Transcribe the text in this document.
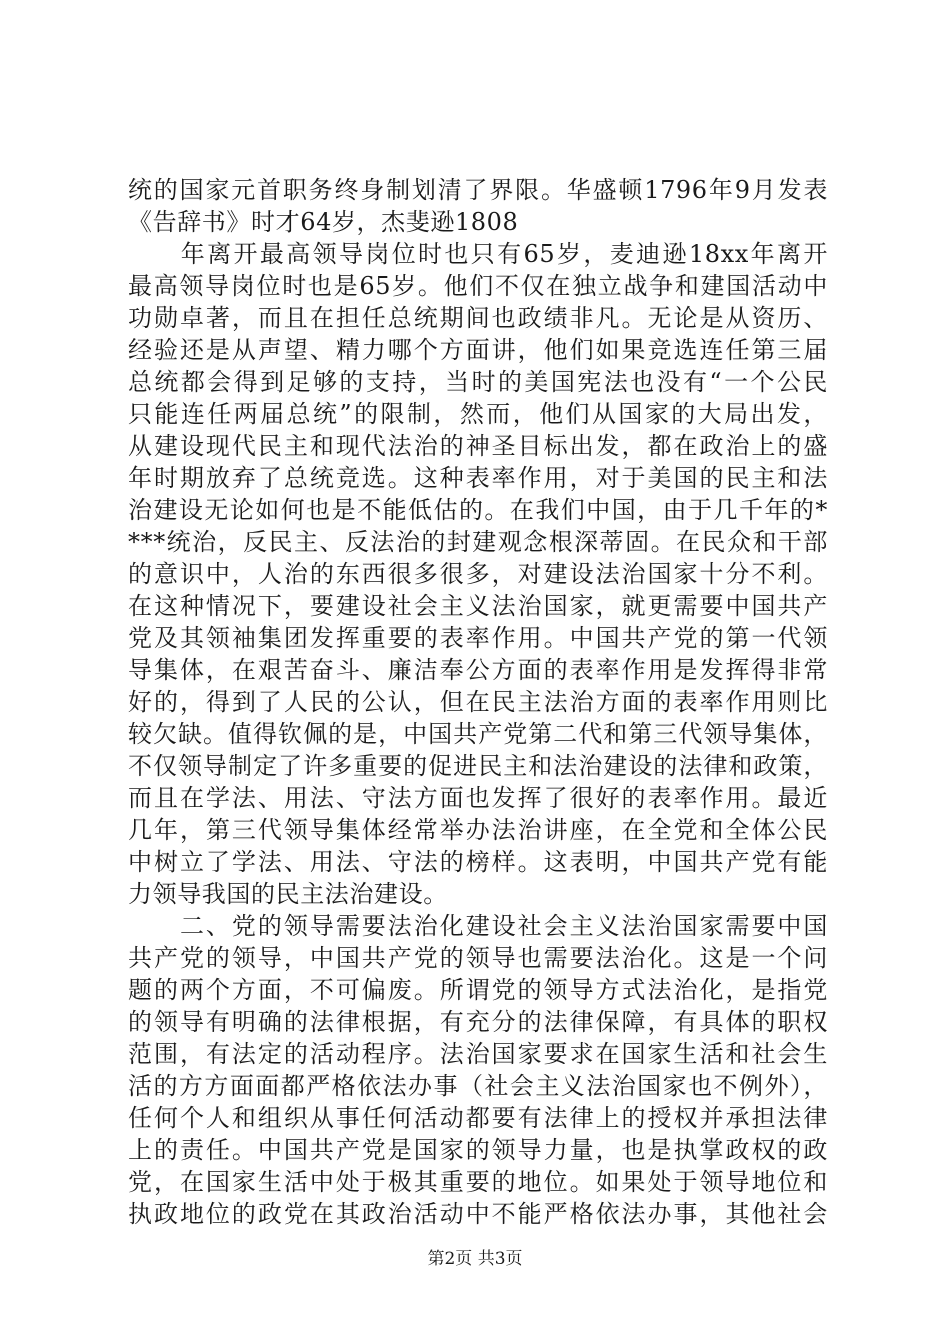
统的国家元首职务终身制划清了界限。华盛顿1796年9月发表
《告辞书》时才64岁，杰斐逊1808
　　年离开最高领导岗位时也只有65岁，麦迪逊18xx年离开
最高领导岗位时也是65岁。他们不仅在独立战争和建国活动中
功勋卓著，而且在担任总统期间也政绩非凡。无论是从资历、
经验还是从声望、精力哪个方面讲，他们如果竞选连任第三届
总统都会得到足够的支持，当时的美国宪法也没有“一个公民
只能连任两届总统”的限制，然而，他们从国家的大局出发，
从建设现代民主和现代法治的神圣目标出发，都在政治上的盛
年时期放弃了总统竞选。这种表率作用，对于美国的民主和法
治建设无论如何也是不能低估的。在我们中国，由于几千年的*
***统治，反民主、反法治的封建观念根深蒂固。在民众和干部
的意识中，人治的东西很多很多，对建设法治国家十分不利。
在这种情况下，要建设社会主义法治国家，就更需要中国共产
党及其领袖集团发挥重要的表率作用。中国共产党的第一代领
导集体，在艰苦奋斗、廉洁奉公方面的表率作用是发挥得非常
好的，得到了人民的公认，但在民主法治方面的表率作用则比
较欠缺。值得钦佩的是，中国共产党第二代和第三代领导集体，
不仅领导制定了许多重要的促进民主和法治建设的法律和政策，
而且在学法、用法、守法方面也发挥了很好的表率作用。最近
几年，第三代领导集体经常举办法治讲座，在全党和全体公民
中树立了学法、用法、守法的榜样。这表明，中国共产党有能
力领导我国的民主法治建设。
　　二、党的领导需要法治化建设社会主义法治国家需要中国
共产党的领导，中国共产党的领导也需要法治化。这是一个问
题的两个方面，不可偏废。所谓党的领导方式法治化，是指党
的领导有明确的法律根据，有充分的法律保障，有具体的职权
范围，有法定的活动程序。法治国家要求在国家生活和社会生
活的方方面面都严格依法办事（社会主义法治国家也不例外），
任何个人和组织从事任何活动都要有法律上的授权并承担法律
上的责任。中国共产党是国家的领导力量，也是执掌政权的政
党，在国家生活中处于极其重要的地位。如果处于领导地位和
执政地位的政党在其政治活动中不能严格依法办事，其他社会
第2页 共3页
